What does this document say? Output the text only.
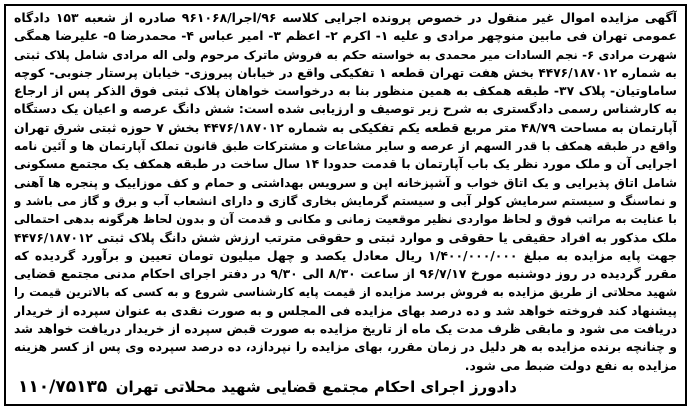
آگهی مزایده اموال غیر منقول در خصوص پرونده اجرایی کلاسه ۹۶/اجرا/۹۶۱۰۶۸ صادره از شعبه ۱۵۳ دادگاه
عمومی تهران فی مابین منوچهر مرادی و علیه ۱- اکرم ۲- اعظم ۳- امیر عباس ۴- محمدرضا ۵- علیرضا همگی
شهرت مرادی ۶- نجم السادات میر محمدی به خواسته حکم به فروش ماترک مرحوم ولی اله مرادی شامل پلاک ثبتی
به شماره ۴۴۷۶/۱۸۷۰۱۲ بخش هفت تهران قطعه ۱ تفکیکی واقع در خیابان پیروزی- خیابان پرستار جنوبی- کوچه
ساماوتیان- پلاک ۳۷- طبقه همکف به همین منظور بنا به درخواست خواهان پلاک ثبتی فوق الذکر پس از ارجاع
به کارشناس رسمی دادگستری به شرح زیر توصیف و ارزیابی شده است: شش دانگ عرصه و اعیان یک دستگاه
آپارتمان به مساحت ۴۸/۷۹ متر مربع قطعه یکم تفکیکی به شماره ۴۴۷۶/۱۸۷۰۱۲ بخش ۷ حوزه ثبتی شرق تهران
واقع در طبقه همکف با قدر السهم از عرصه و سایر مشاعات و مشترکات طبق قانون تملک آپارتمان ها و آئین نامه
اجرایی آن و ملک مورد نظر یک باب آپارتمان با قدمت حدودا ۱۴ سال ساخت در طبقه همکف یک مجتمع مسکونی
شامل اتاق پذیرایی و یک اتاق خواب و آشپزخانه اپن و سرویس بهداشتی و حمام و کف موزاییک و پنجره ها آهنی
و نماسنگ و سیستم سرمایش کولر آبی و سیستم گرمایش بخاری گازی و دارای انشعاب آب و برق و گاز می باشد و
با عنایت به مراتب فوق و لحاظ مواردی نظیر موقعیت زمانی و مکانی و قدمت آن و بدون لحاظ هرگونه بدهی احتمالی
ملک مذکور به افراد حقیقی یا حقوقی و موارد ثبتی و حقوقی مترتب ارزش شش دانگ پلاک ثبتی ۴۴۷۶/۱۸۷۰۱۲
جهت پایه مزایده به مبلغ ۱/۴۰۰/۰۰۰/۰۰۰ ریال معادل یکصد و چهل میلیون تومان تعیین و برآورد گردیده که
مقرر گردیده در روز دوشنبه مورخ ۹۶/۷/۱۷ از ساعت ۸/۳۰ الی ۹/۳۰ در دفتر اجرای احکام مدنی مجتمع قضایی
شهید محلاتی از طریق مزایده به فروش برسد مزایده از قیمت پایه کارشناسی شروع و به کسی که بالاترین قیمت را
پیشنهاد کند فروخته خواهد شد و ده درصد بهای مزایده فی المجلس و به صورت نقدی به عنوان سپرده از خریدار
دریافت می شود و مابقی ظرف مدت یک ماه از تاریخ مزایده به صورت قبض سپرده از خریدار دریافت خواهد شد
و چنانچه برنده مزایده به هر دلیل در زمان مقرر، بهای مزایده را نپردازد، ده درصد سپرده وی پس از کسر هزینه
مزایده به نفع دولت ضبط می شود.
دادورز اجرای احکام مجتمع قضایی شهید محلاتی تهران
۱۱۰/۷۵۱۳۵
